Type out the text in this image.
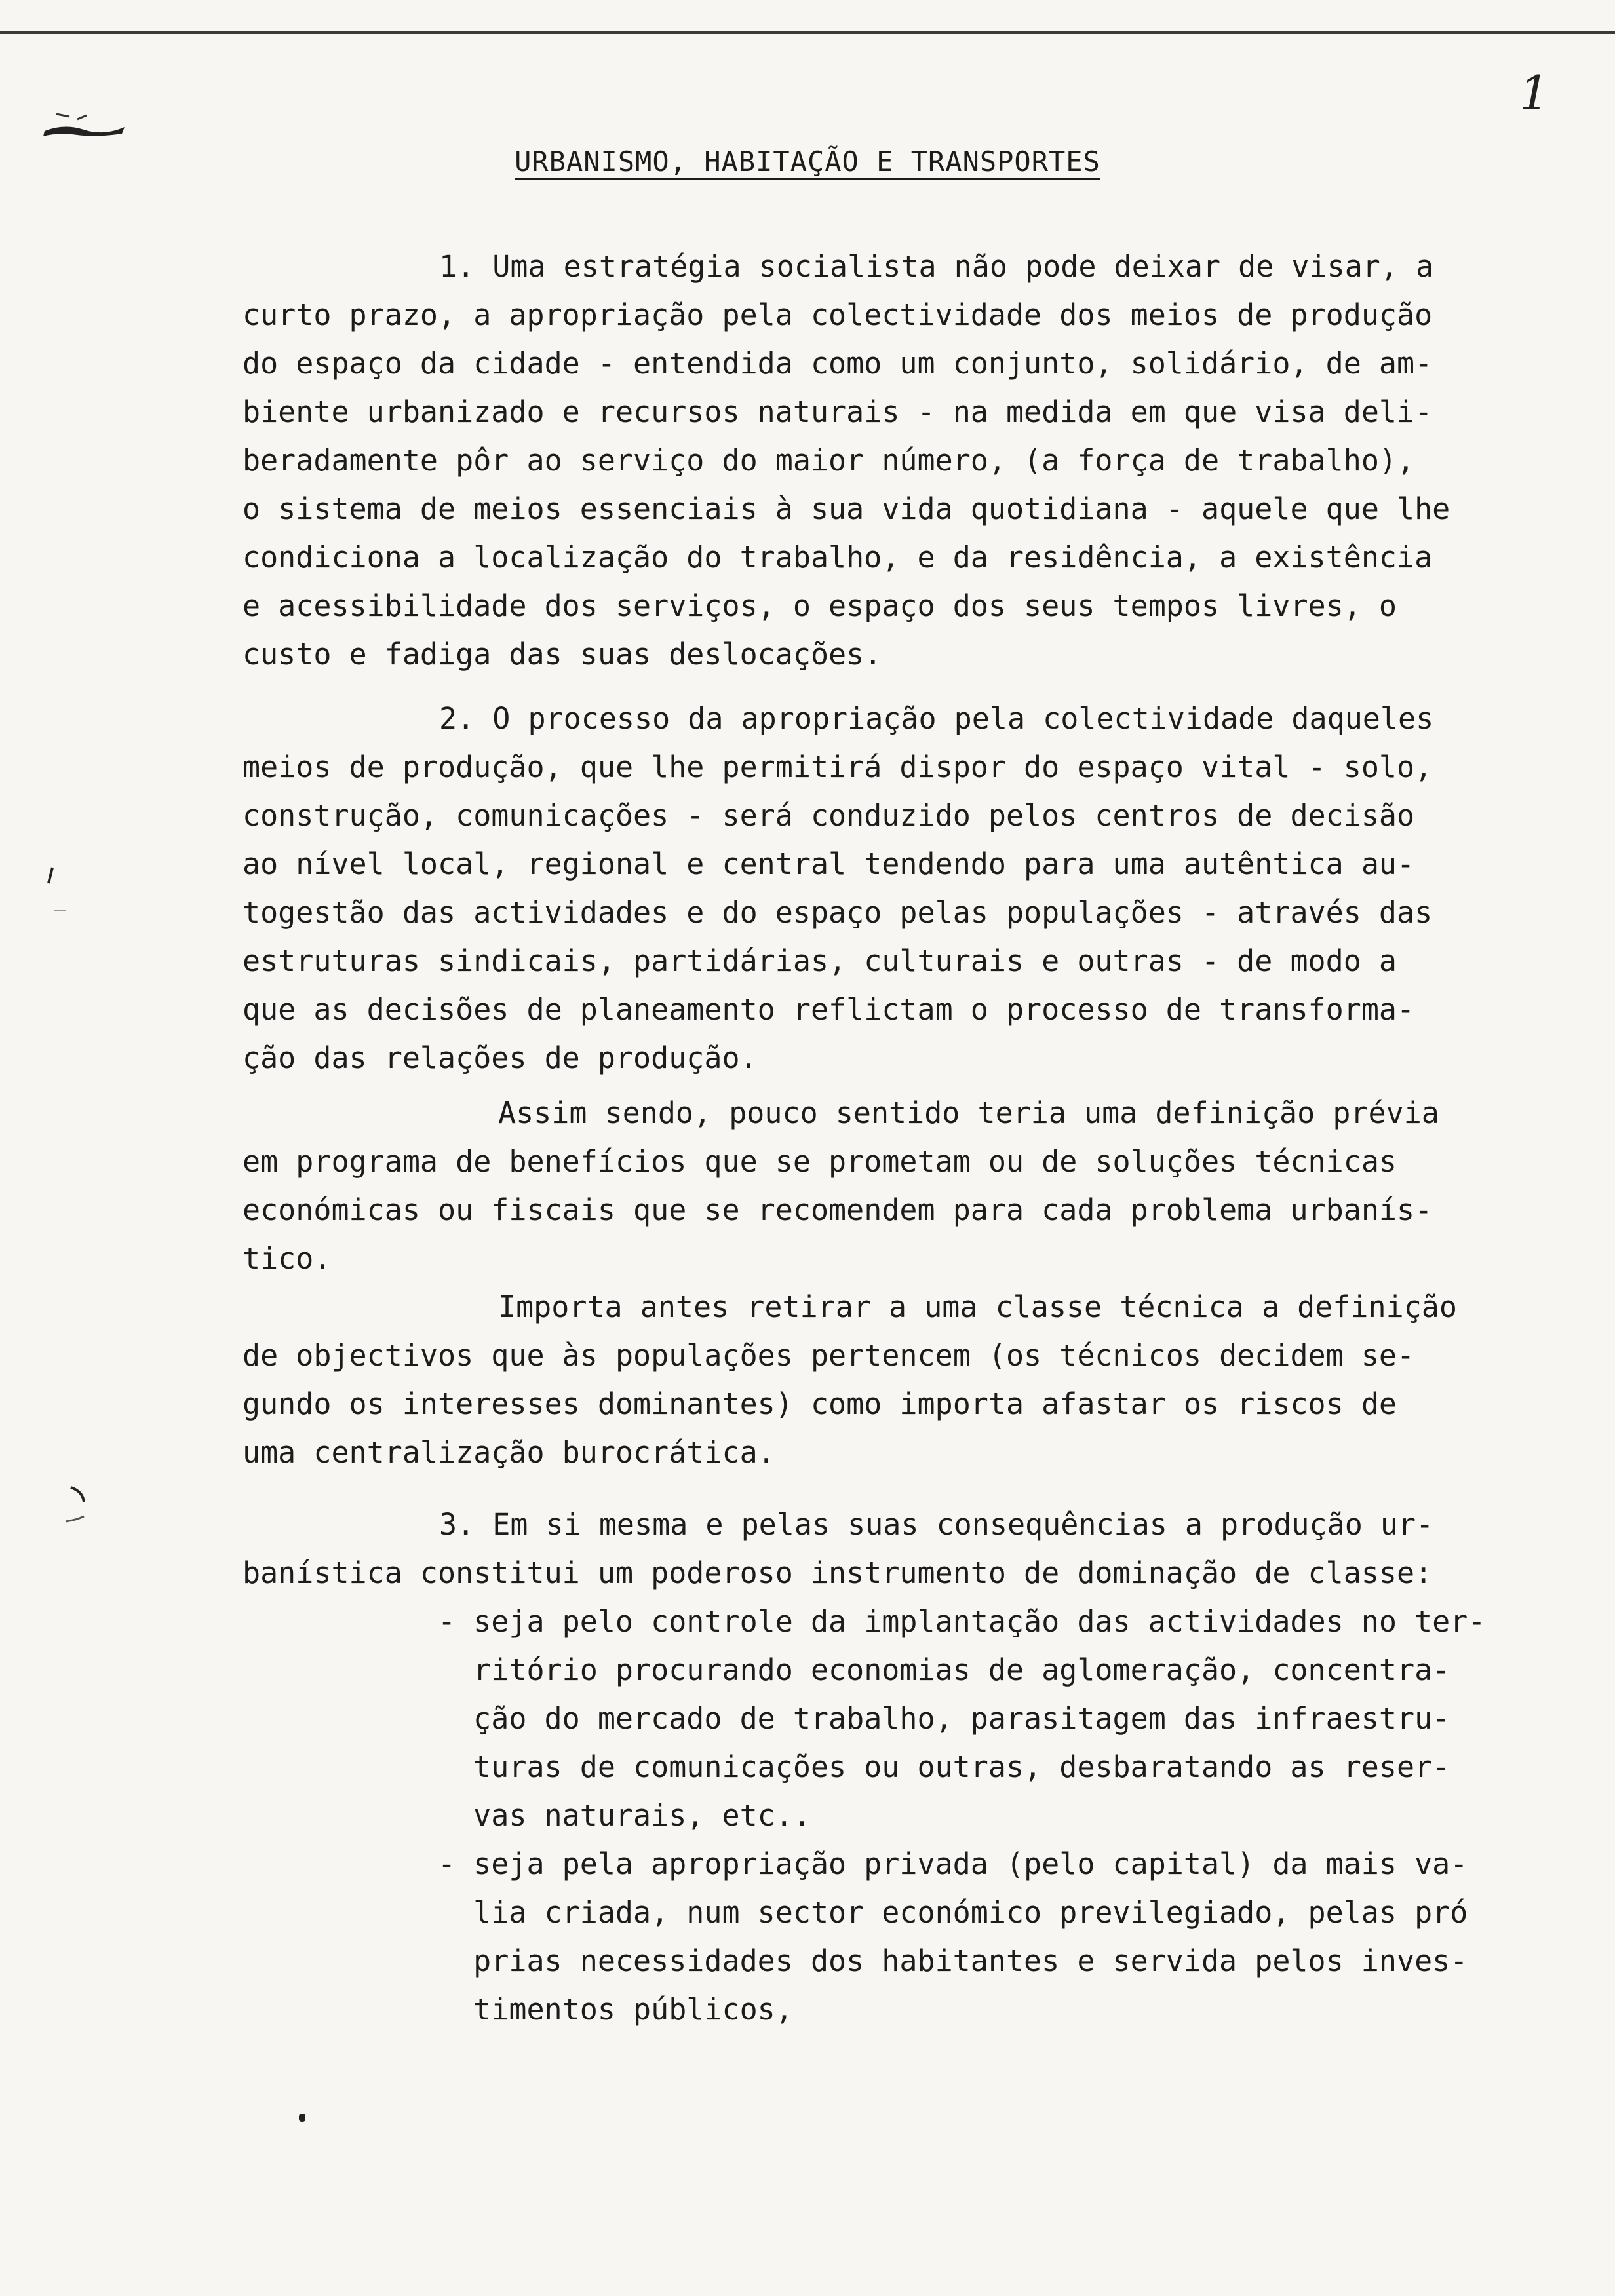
1
URBANISMO, HABITAÇÃO E TRANSPORTES
1. Uma estratégia socialista não pode deixar de visar, a
curto prazo, a apropriação pela colectividade dos meios de produção
do espaço da cidade - entendida como um conjunto, solidário, de am-
biente urbanizado e recursos naturais - na medida em que visa deli-
beradamente pôr ao serviço do maior número, (a força de trabalho),
o sistema de meios essenciais à sua vida quotidiana - aquele que lhe
condiciona a localização do trabalho, e da residência, a existência
e acessibilidade dos serviços, o espaço dos seus tempos livres, o
custo e fadiga das suas deslocações.
2. O processo da apropriação pela colectividade daqueles
meios de produção, que lhe permitirá dispor do espaço vital - solo,
construção, comunicações - será conduzido pelos centros de decisão
ao nível local, regional e central tendendo para uma autêntica au-
togestão das actividades e do espaço pelas populações - através das
estruturas sindicais, partidárias, culturais e outras - de modo a
que as decisões de planeamento reflictam o processo de transforma-
ção das relações de produção.
Assim sendo, pouco sentido teria uma definição prévia
em programa de benefícios que se prometam ou de soluções técnicas
económicas ou fiscais que se recomendem para cada problema urbanís-
tico.
Importa antes retirar a uma classe técnica a definição
de objectivos que às populações pertencem (os técnicos decidem se-
gundo os interesses dominantes) como importa afastar os riscos de
uma centralização burocrática.
3. Em si mesma e pelas suas consequências a produção ur-
banística constitui um poderoso instrumento de dominação de classe:
- seja pelo controle da implantação das actividades no ter-
ritório procurando economias de aglomeração, concentra-
ção do mercado de trabalho, parasitagem das infraestru-
turas de comunicações ou outras, desbaratando as reser-
vas naturais, etc..
- seja pela apropriação privada (pelo capital) da mais va-
lia criada, num sector económico previlegiado, pelas pró
prias necessidades dos habitantes e servida pelos inves-
timentos públicos,
